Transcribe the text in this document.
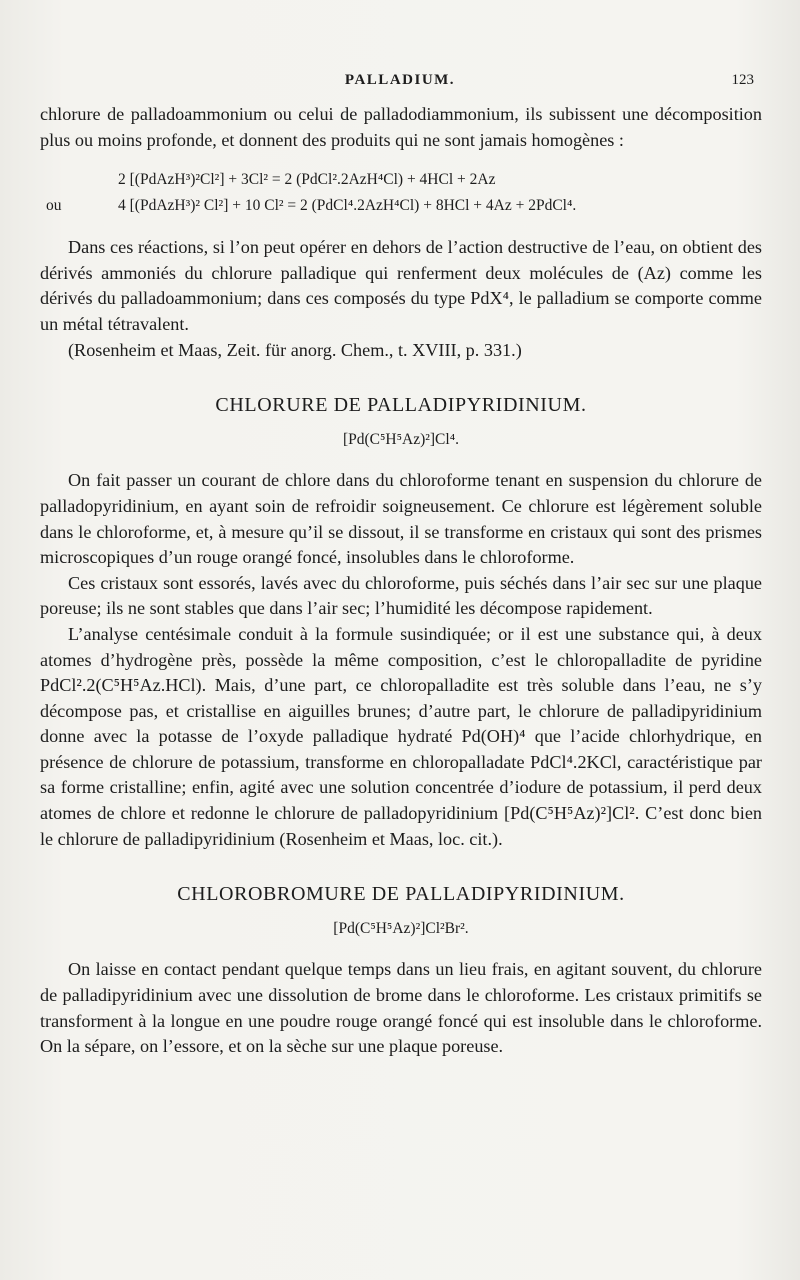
PALLADIUM.	123

chlorure de palladoammonium ou celui de palladodiammonium, ils subissent une décomposition plus ou moins profonde, et donnent des produits qui ne sont jamais homogènes :

2 [(PdAzH³)²Cl²] + 3Cl² = 2 (PdCl².2AzH⁴Cl) + 4HCl + 2Az
ou	4 [(PdAzH³)² Cl²] + 10 Cl² = 2 (PdCl⁴.2AzH⁴Cl) + 8HCl + 4Az + 2PdCl⁴.

Dans ces réactions, si l’on peut opérer en dehors de l’action destructive de l’eau, on obtient des dérivés ammoniés du chlorure palladique qui renferment deux molécules de (Az) comme les dérivés du palladoammonium; dans ces composés du type PdX⁴, le palladium se comporte comme un métal tétravalent.

(Rosenheim et Maas, Zeit. für anorg. Chem., t. XVIII, p. 331.)

CHLORURE DE PALLADIPYRIDINIUM.
[Pd(C⁵H⁵Az)²]Cl⁴.

On fait passer un courant de chlore dans du chloroforme tenant en suspension du chlorure de palladopyridinium, en ayant soin de refroidir soigneusement. Ce chlorure est légèrement soluble dans le chloroforme, et, à mesure qu’il se dissout, il se transforme en cristaux qui sont des prismes microscopiques d’un rouge orangé foncé, insolubles dans le chloroforme.

Ces cristaux sont essorés, lavés avec du chloroforme, puis séchés dans l’air sec sur une plaque poreuse; ils ne sont stables que dans l’air sec; l’humidité les décompose rapidement.

L’analyse centésimale conduit à la formule susindiquée; or il est une substance qui, à deux atomes d’hydrogène près, possède la même composition, c’est le chloropalladite de pyridine PdCl².2(C⁵H⁵Az.HCl). Mais, d’une part, ce chloropalladite est très soluble dans l’eau, ne s’y décompose pas, et cristallise en aiguilles brunes; d’autre part, le chlorure de palladipyridinium donne avec la potasse de l’oxyde palladique hydraté Pd(OH)⁴ que l’acide chlorhydrique, en présence de chlorure de potassium, transforme en chloropalladate PdCl⁴.2KCl, caractéristique par sa forme cristalline; enfin, agité avec une solution concentrée d’iodure de potassium, il perd deux atomes de chlore et redonne le chlorure de palladopyridinium [Pd(C⁵H⁵Az)²]Cl². C’est donc bien le chlorure de palladipyridinium (Rosenheim et Maas, loc. cit.).

CHLOROBROMURE DE PALLADIPYRIDINIUM.
[Pd(C⁵H⁵Az)²]Cl²Br².

On laisse en contact pendant quelque temps dans un lieu frais, en agitant souvent, du chlorure de palladipyridinium avec une dissolution de brome dans le chloroforme. Les cristaux primitifs se transforment à la longue en une poudre rouge orangé foncé qui est insoluble dans le chloroforme. On la sépare, on l’essore, et on la sèche sur une plaque poreuse.
